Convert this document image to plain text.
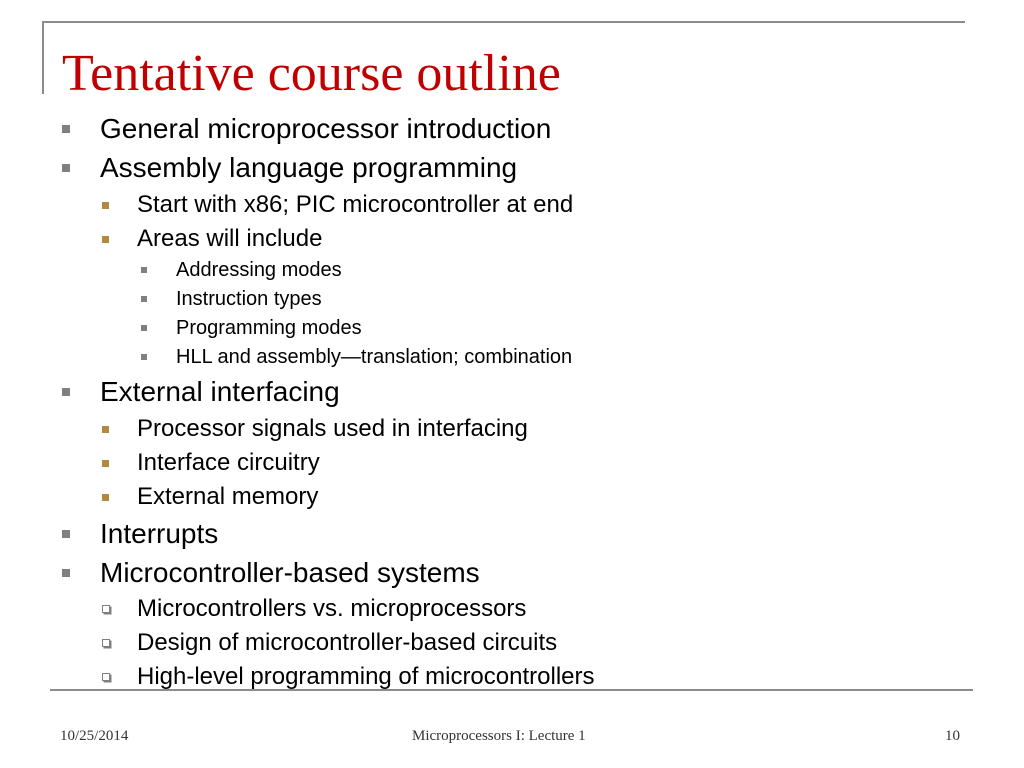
Tentative course outline
General microprocessor introduction
Assembly language programming
Start with x86; PIC microcontroller at end
Areas will include
Addressing modes
Instruction types
Programming modes
HLL and assembly—translation; combination
External interfacing
Processor signals used in interfacing
Interface circuitry
External memory
Interrupts
Microcontroller-based systems
Microcontrollers vs. microprocessors
Design of microcontroller-based circuits
High-level programming of microcontrollers
10/25/2014	Microprocessors I: Lecture 1	10
